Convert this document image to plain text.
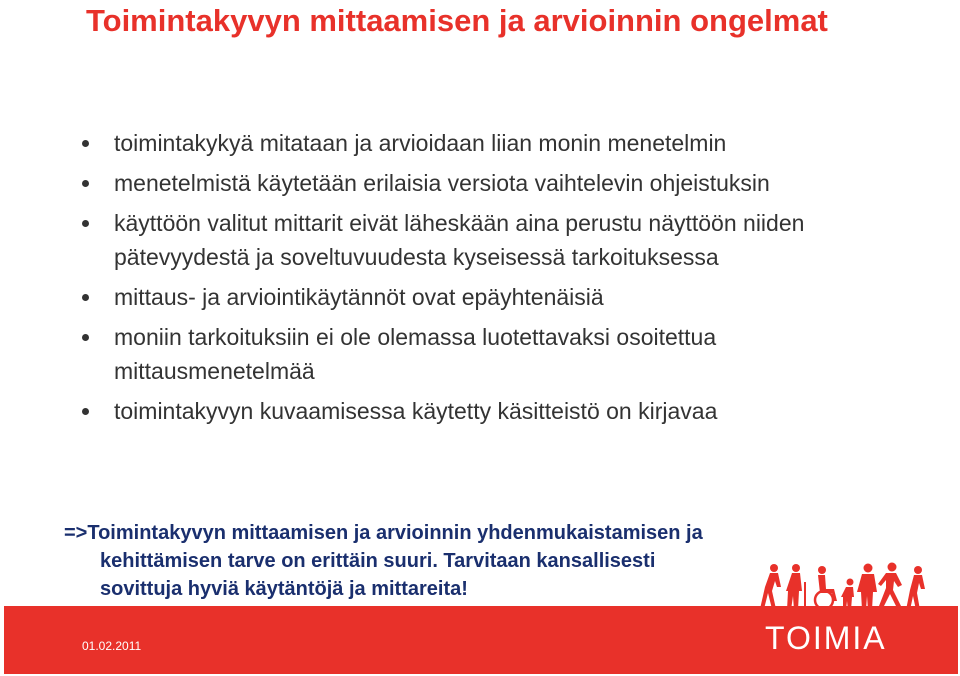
Toimintakyvyn mittaamisen ja arvioinnin ongelmat
toimintakykyä mitataan ja arvioidaan liian monin menetelmin
menetelmistä käytetään erilaisia versiota vaihtelevin ohjeistuksin
käyttöön valitut mittarit eivät läheskään aina perustu näyttöön niiden pätevyydestä ja soveltuvuudesta kyseisessä tarkoituksessa
mittaus- ja arviointikäytännöt ovat epäyhtenäisiä
moniin tarkoituksiin ei ole olemassa luotettavaksi osoitettua mittausmenetelmää
toimintakyvyn kuvaamisessa käytetty käsitteistö on kirjavaa
=>Toimintakyvyn mittaamisen ja arvioinnin yhdenmukaistamisen ja
kehittämisen tarve on erittäin suuri. Tarvitaan kansallisesti
sovittuja hyviä käytäntöjä ja mittareita!
01.02.2011	TOIMIA
